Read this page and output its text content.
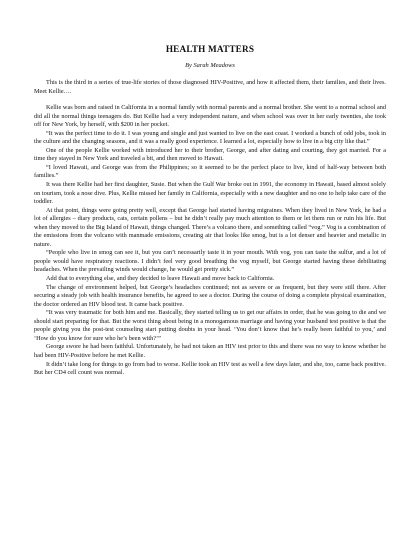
HEALTH MATTERS
By Sarah Meadows

This is the third in a series of true-life stories of those diagnosed HIV-Positive, and how it affected them, their families, and their lives. Meet Kellie….

Kellie was born and raised in California in a normal family with normal parents and a normal brother. She went to a normal school and did all the normal things teenagers do. But Kellie had a very independent nature, and when school was over in her early twenties, she took off for New York, by herself, with $200 in her pocket.

“It was the perfect time to do it. I was young and single and just wanted to live on the east coast. I worked a bunch of odd jobs, took in the culture and the changing seasons, and it was a really good experience. I learned a lot, especially how to live in a big city like that.”

One of the people Kellie worked with introduced her to their brother, George, and after dating and courting, they got married. For a time they stayed in New York and traveled a bit, and then moved to Hawaii.

“I loved Hawaii, and George was from the Philippines; so it seemed to be the perfect place to live, kind of half-way between both families.”

It was there Kellie had her first daughter, Susie. But when the Gulf War broke out in 1991, the economy in Hawaii, based almost solely on tourism, took a nose dive. Plus, Kellie missed her family in California, especially with a new daughter and no one to help take care of the toddler.

At that point, things were going pretty well, except that George had started having migraines. When they lived in New York, he had a lot of allergies – diary products, cats, certain pollens – but he didn’t really pay much attention to them or let them run or ruin his life. But when they moved to the Big Island of Hawaii, things changed. There’s a volcano there, and something called “vog.” Vog is a combination of the emissions from the volcano with manmade emissions, creating air that looks like smog, but is a lot denser and heavier and metallic in nature.

“People who live in smog can see it, but you can’t necessarily taste it in your mouth. With vog, you can taste the sulfur, and a lot of people would have respiratory reactions. I didn’t feel very good breathing the vog myself, but George started having these debilitating headaches. When the prevailing winds would change, he would get pretty sick.”

Add that to everything else, and they decided to leave Hawaii and move back to California.

The change of environment helped, but George’s headaches continued; not as severe or as frequent, but they were still there. After securing a steady job with health insurance benefits, he agreed to see a doctor. During the course of doing a complete physical examination, the doctor ordered an HIV blood test. It came back positive.

“It was very traumatic for both him and me. Basically, they started telling us to get our affairs in order, that he was going to die and we should start preparing for that. But the worst thing about being in a monogamous marriage and having your husband test positive is that the people giving you the post-test counseling start putting doubts in your head. ‘You don’t know that he’s really been faithful to you,’ and ‘How do you know for sure who he’s been with?’”

George swore he had been faithful. Unfortunately, he had not taken an HIV test prior to this and there was no way to know whether he had been HIV-Positive before he met Kellie.

It didn’t take long for things to go from bad to worse. Kellie took an HIV test as well a few days later, and she, too, came back positive. But her CD4 cell count was normal.
